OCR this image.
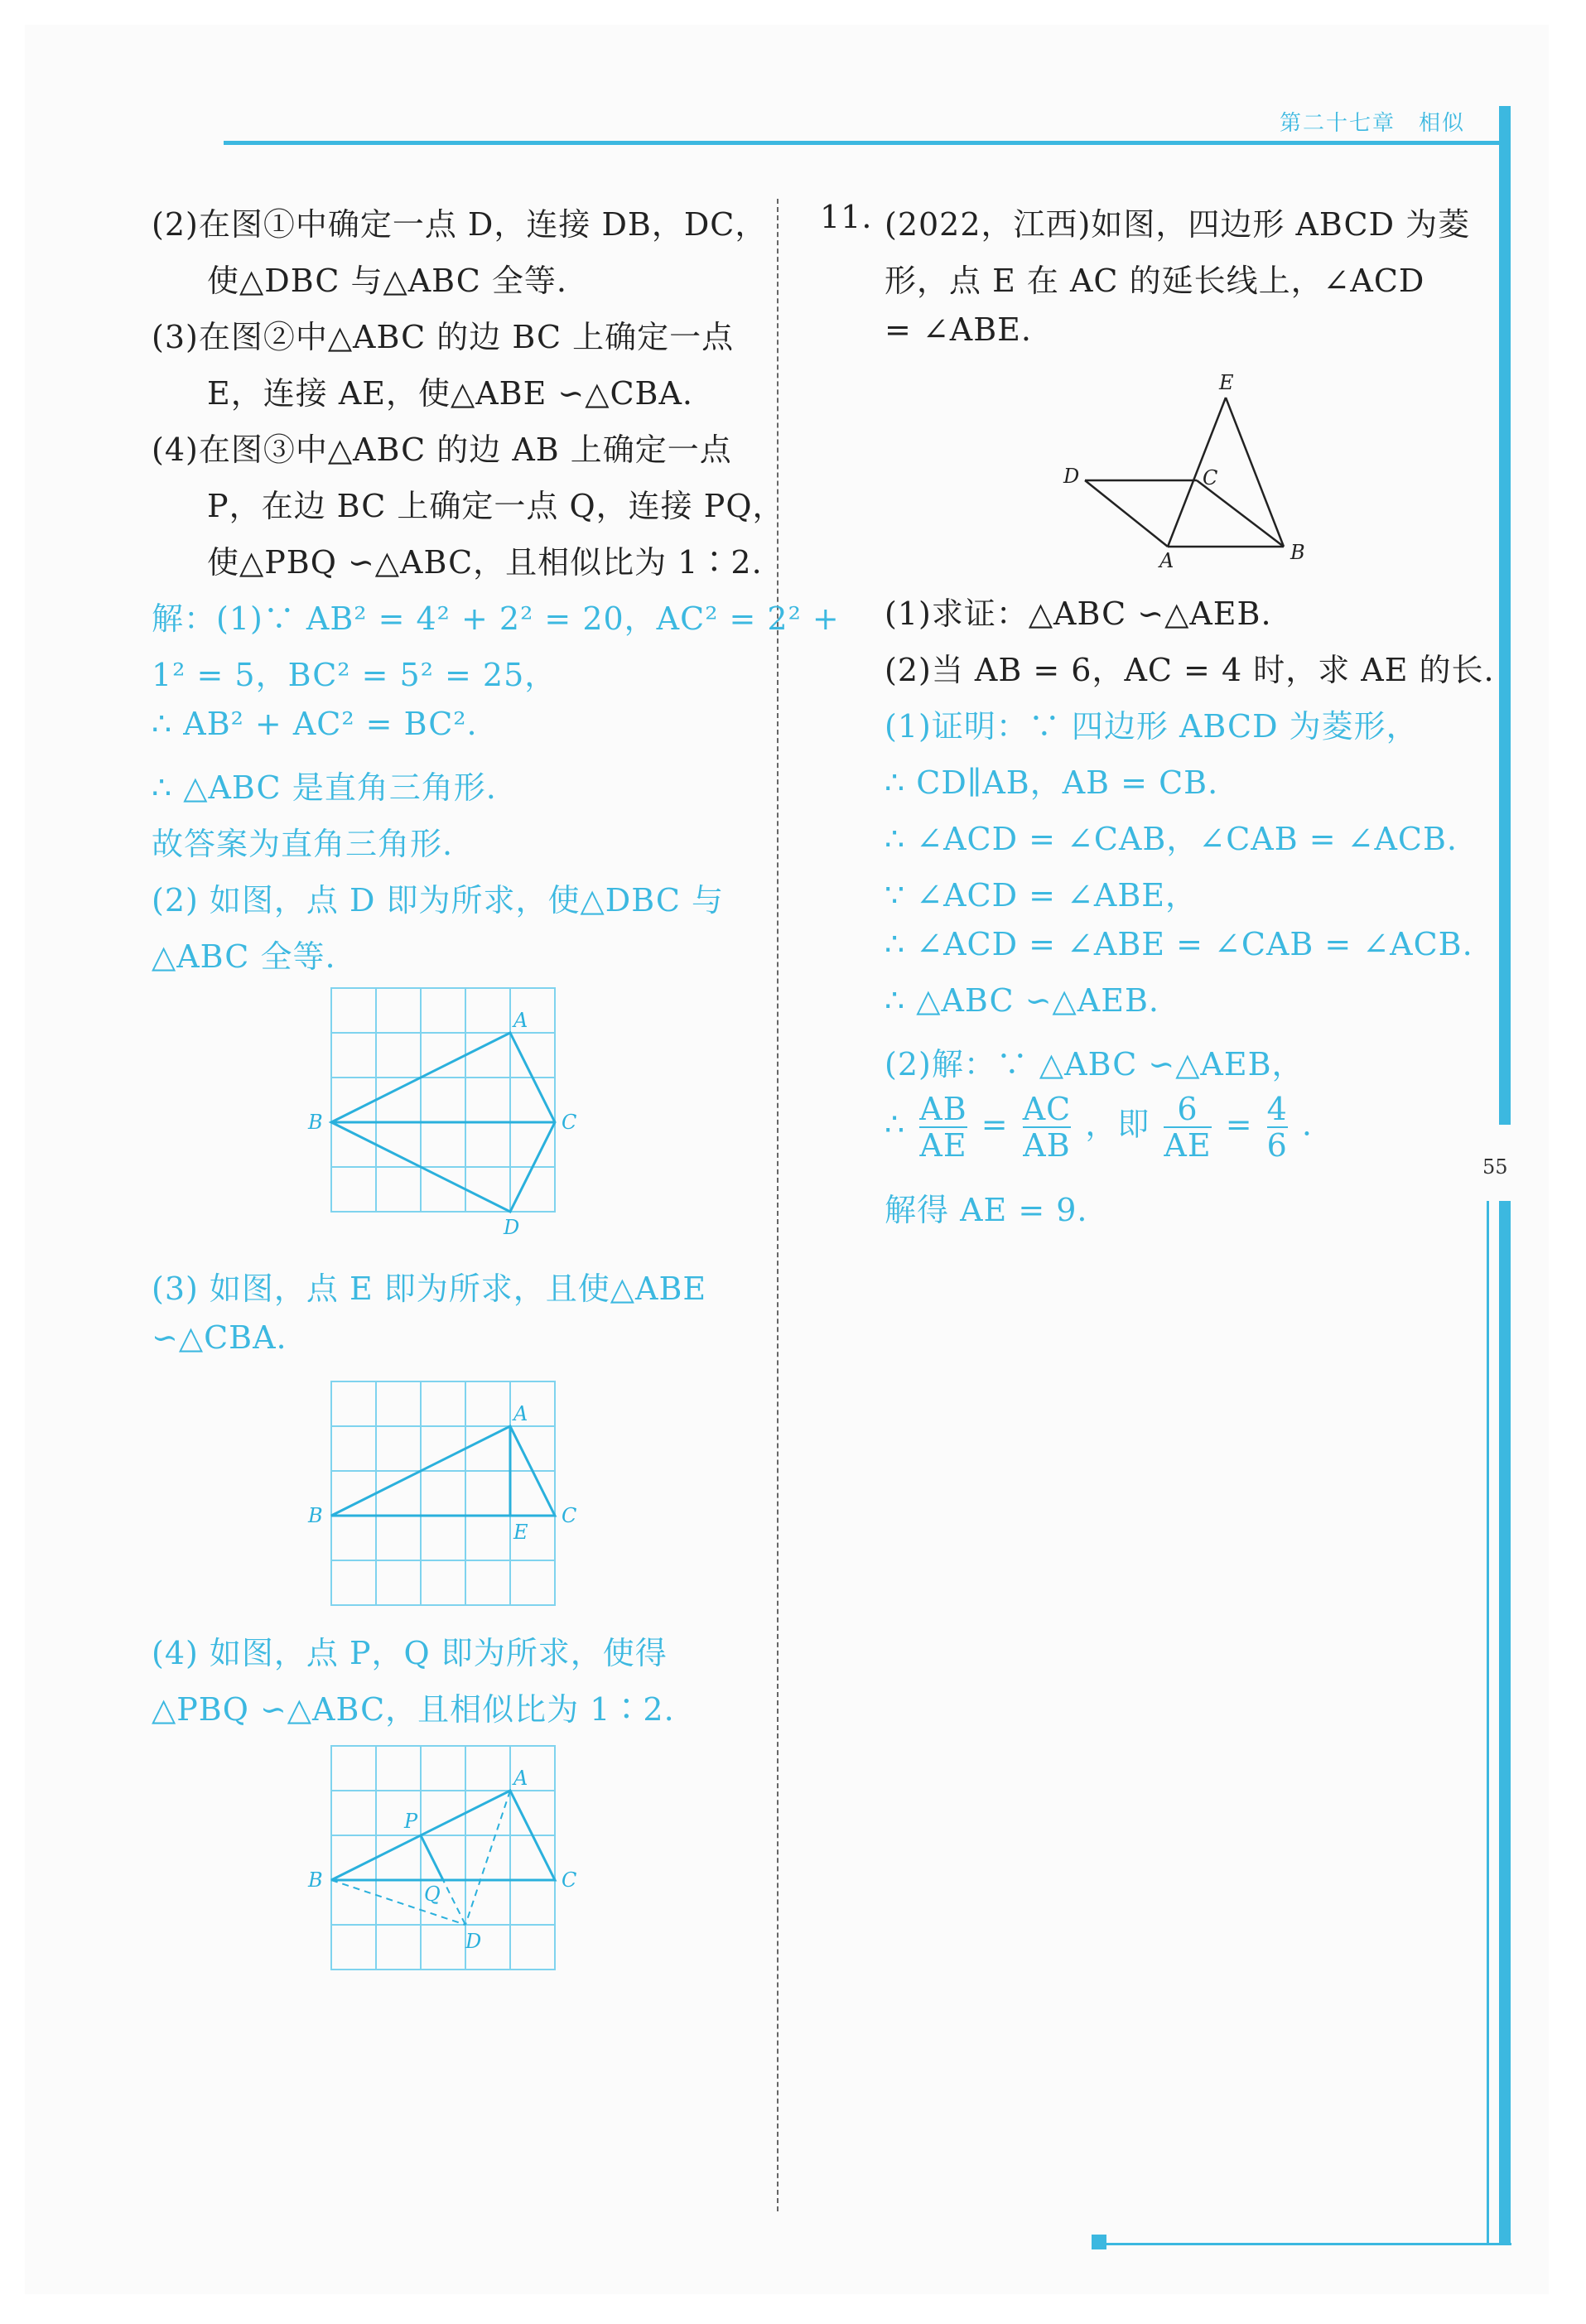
第二十七章　相似
55
(2)在图①中确定一点 D，连接 DB，DC，
使△DBC 与△ABC 全等.
(3)在图②中△ABC 的边 BC 上确定一点
E，连接 AE，使△ABE ∽△CBA.
(4)在图③中△ABC 的边 AB 上确定一点
P，在边 BC 上确定一点 Q，连接 PQ，
使△PBQ ∽△ABC，且相似比为 1∶2.
解：(1)∵ AB² = 4² + 2² = 20，AC² = 2² +
1² = 5，BC² = 5² = 25，
∴ AB² + AC² = BC².
∴ △ABC 是直角三角形.
故答案为直角三角形.
(2) 如图，点 D 即为所求，使△DBC 与
△ABC 全等.
A
B	C
D
(3) 如图，点 E 即为所求，且使△ABE
∽△CBA.
A
B	C
E
(4) 如图，点 P，Q 即为所求，使得
△PBQ ∽△ABC，且相似比为 1∶2.
A
B	C
P
Q
D
11. (2022，江西)如图，四边形 ABCD 为菱
形，点 E 在 AC 的延长线上，∠ACD
= ∠ABE.
E
D	C
A	B
(1)求证：△ABC ∽△AEB.
(2)当 AB = 6，AC = 4 时，求 AE 的长.
(1)证明：∵ 四边形 ABCD 为菱形，
∴ CD∥AB，AB = CB.
∴ ∠ACD = ∠CAB，∠CAB = ∠ACB.
∵ ∠ACD = ∠ABE，
∴ ∠ACD = ∠ABE = ∠CAB = ∠ACB.
∴ △ABC ∽△AEB.
(2)解：∵ △ABC ∽△AEB，
∴ $\frac{AB}{AE} = \frac{AC}{AB}$ ，即 $\frac{6}{AE} = \frac{4}{6}$ .
解得 AE = 9.
